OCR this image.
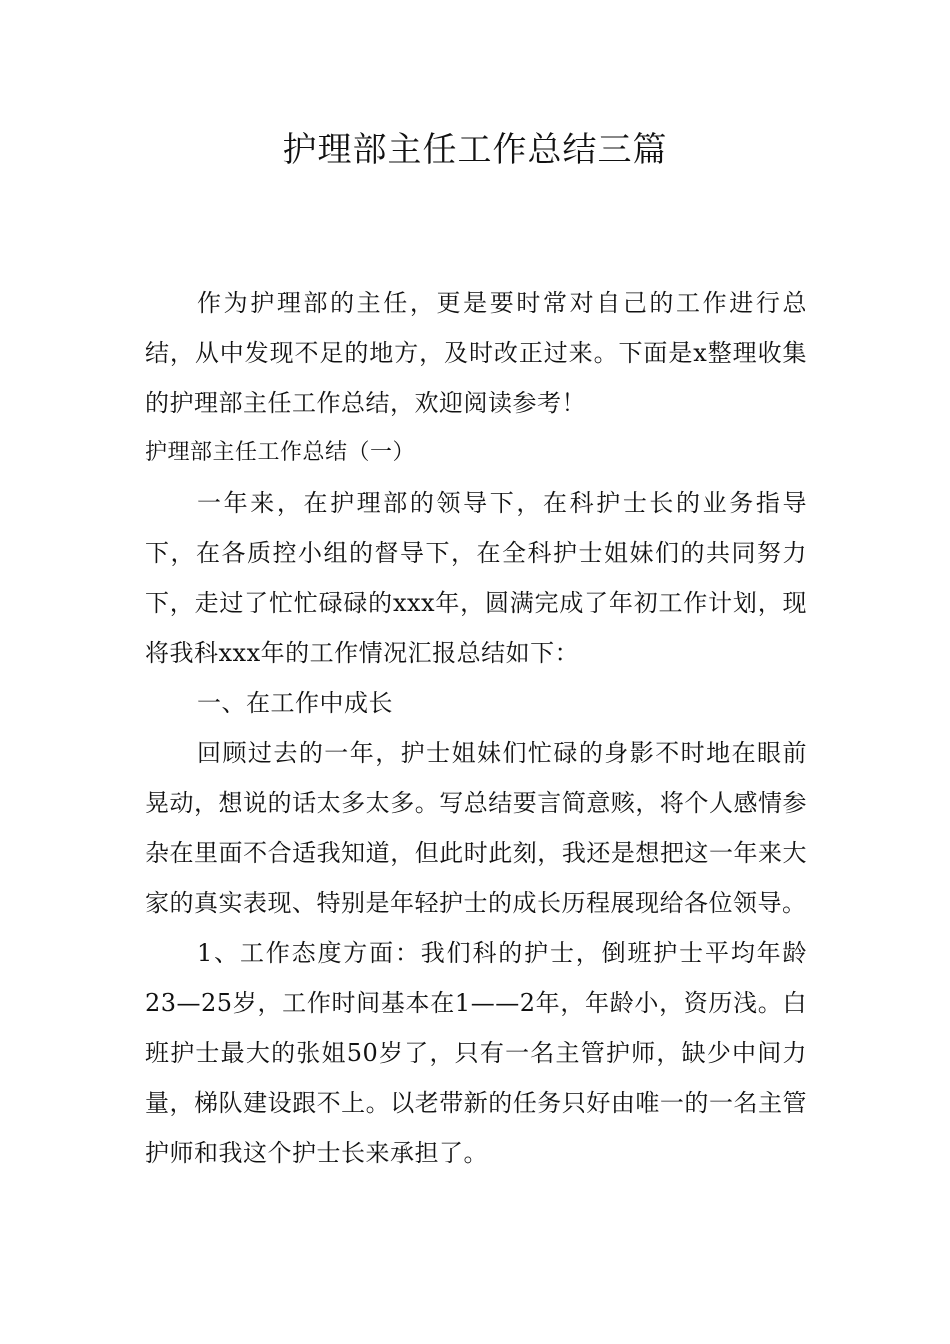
护理部主任工作总结三篇

作为护理部的主任，更是要时常对自己的工作进行总结，从中发现不足的地方，及时改正过来。下面是x整理收集的护理部主任工作总结，欢迎阅读参考！

护理部主任工作总结（一）

一年来，在护理部的领导下，在科护士长的业务指导下，在各质控小组的督导下，在全科护士姐妹们的共同努力下，走过了忙忙碌碌的xxx年，圆满完成了年初工作计划，现将我科xxx年的工作情况汇报总结如下：

一、在工作中成长

回顾过去的一年，护士姐妹们忙碌的身影不时地在眼前晃动，想说的话太多太多。写总结要言简意赅，将个人感情参杂在里面不合适我知道，但此时此刻，我还是想把这一年来大家的真实表现、特别是年轻护士的成长历程展现给各位领导。

1、工作态度方面：我们科的护士，倒班护士平均年龄23—25岁，工作时间基本在1——2年，年龄小，资历浅。白班护士最大的张姐50岁了，只有一名主管护师，缺少中间力量，梯队建设跟不上。以老带新的任务只好由唯一的一名主管护师和我这个护士长来承担了。
